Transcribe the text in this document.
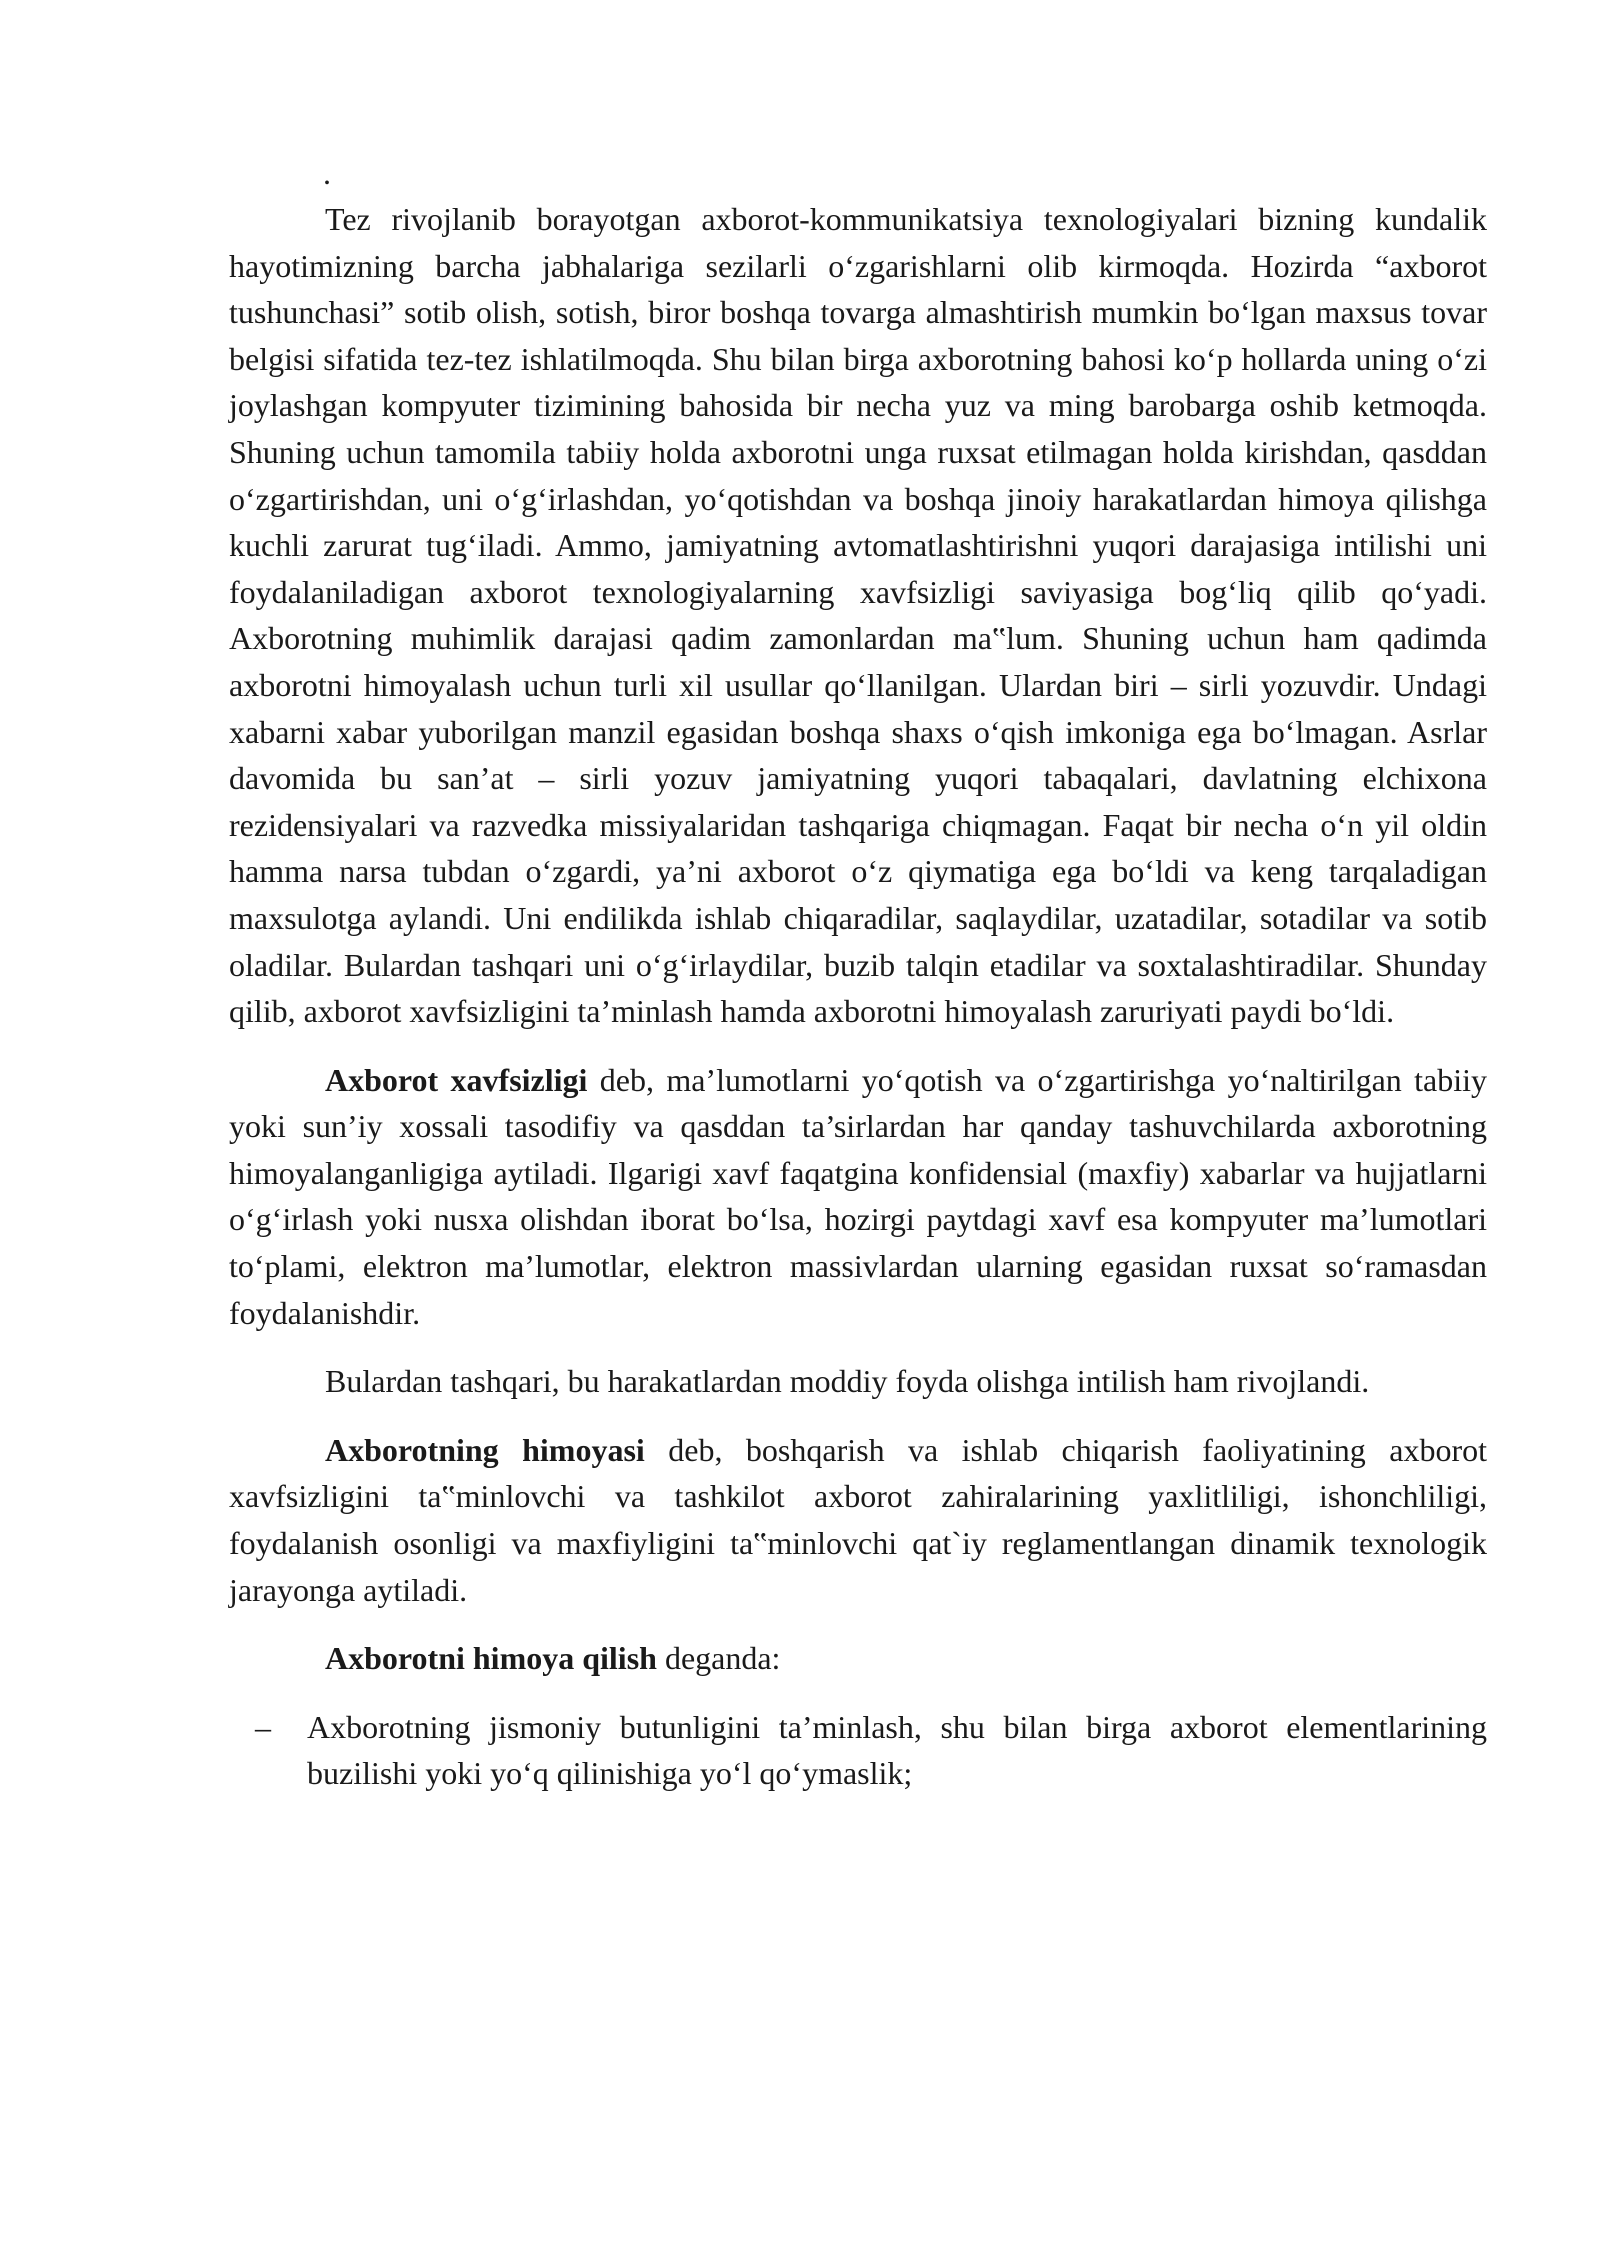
.

Tez rivojlanib borayotgan axborot-kommunikatsiya texnologiyalari bizning kundalik hayotimizning barcha jabhalariga sezilarli o‘zgarishlarni olib kirmoqda. Hozirda “axborot tushunchasi” sotib olish, sotish, biror boshqa tovarga almashtirish mumkin bo‘lgan maxsus tovar belgisi sifatida tez-tez ishlatilmoqda. Shu bilan birga axborotning bahosi ko‘p hollarda uning o‘zi joylashgan kompyuter tizimining bahosida bir necha yuz va ming barobarga oshib ketmoqda. Shuning uchun tamomila tabiiy holda axborotni unga ruxsat etilmagan holda kirishdan, qasddan o‘zgartirishdan, uni o‘g‘irlashdan, yo‘qotishdan va boshqa jinoiy harakatlardan himoya qilishga kuchli zarurat tug‘iladi. Ammo, jamiyatning avtomatlashtirishni yuqori darajasiga intilishi uni foydalaniladigan axborot texnologiyalarning xavfsizligi saviyasiga bog‘liq qilib qo‘yadi. Axborotning muhimlik darajasi qadim zamonlardan ma‟lum. Shuning uchun ham qadimda axborotni himoyalash uchun turli xil usullar qo‘llanilgan. Ulardan biri – sirli yozuvdir. Undagi xabarni xabar yuborilgan manzil egasidan boshqa shaxs o‘qish imkoniga ega bo‘lmagan. Asrlar davomida bu san’at – sirli yozuv jamiyatning yuqori tabaqalari, davlatning elchixona rezidensiyalari va razvedka missiyalaridan tashqariga chiqmagan. Faqat bir necha o‘n yil oldin hamma narsa tubdan o‘zgardi, ya’ni axborot o‘z qiymatiga ega bo‘ldi va keng tarqaladigan maxsulotga aylandi. Uni endilikda ishlab chiqaradilar, saqlaydilar, uzatadilar, sotadilar va sotib oladilar. Bulardan tashqari uni o‘g‘irlaydilar, buzib talqin etadilar va soxtalashtiradilar. Shunday qilib, axborot xavfsizligini ta’minlash hamda axborotni himoyalash zaruriyati paydi bo‘ldi.

Axborot xavfsizligi deb, ma’lumotlarni yo‘qotish va o‘zgartirishga yo‘naltirilgan tabiiy yoki sun’iy xossali tasodifiy va qasddan ta’sirlardan har qanday tashuvchilarda axborotning himoyalanganligiga aytiladi. Ilgarigi xavf faqatgina konfidensial (maxfiy) xabarlar va hujjatlarni o‘g‘irlash yoki nusxa olishdan iborat bo‘lsa, hozirgi paytdagi xavf esa kompyuter ma’lumotlari to‘plami, elektron ma’lumotlar, elektron massivlardan ularning egasidan ruxsat so‘ramasdan foydalanishdir.

Bulardan tashqari, bu harakatlardan moddiy foyda olishga intilish ham rivojlandi.

Axborotning himoyasi deb, boshqarish va ishlab chiqarish faoliyatining axborot xavfsizligini ta‟minlovchi va tashkilot axborot zahiralarining yaxlitliligi, ishonchliligi, foydalanish osonligi va maxfiyligini ta‟minlovchi qat`iy reglamentlangan dinamik texnologik jarayonga aytiladi.

Axborotni himoya qilish deganda:

– Axborotning jismoniy butunligini ta’minlash, shu bilan birga axborot elementlarining buzilishi yoki yo‘q qilinishiga yo‘l qo‘ymaslik;
